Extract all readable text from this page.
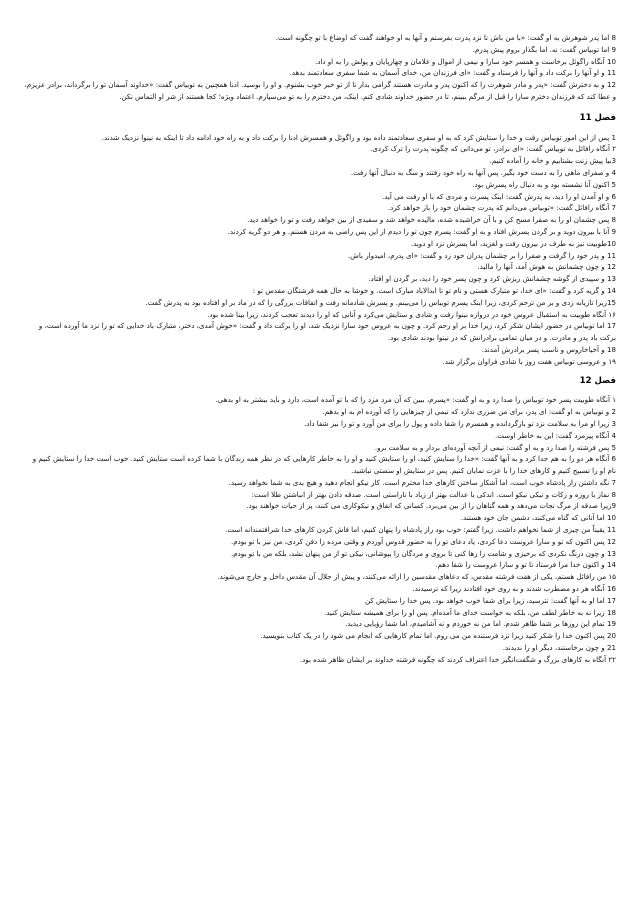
8 اما پدر شوهرش به او گفت: «با من باش تا نزد پدرت بفرستم و آنها به او خواهند گفت که اوضاع با تو چگونه است.

9 اما توبیاس گفت: نه. اما بگذار بروم پیش پدرم.

10 آنگاه راگوئل برخاست و همسر خود سارا و نیمی از اموال و غلامان و چهارپایان و پولش را به او داد.

11 و او آنها را برکت داد و آنها را فرستاد و گفت: «ای فرزندان من، خدای آسمان به شما سفری سعادتمند بدهد.

12 و به دخترش گفت: «پدر و مادر شوهرت را که اکنون پدر و مادرت هستند گرامی بدار تا از تو خبر خوب بشنوم. و او را بوسید. ادنا همچنین به توبیاس گفت: «خداوند آسمان تو را برگرداند، برادر عزیزم، و عطا کند که فرزندان دخترم سارا را قبل از مرگم ببینم، تا در حضور خداوند شادی کنم. اینک، من دخترم را به تو می‌سپارم. اعتماد ویژه؛ کجا هستند از شر او التماس نکن.

فصل 11

1 پس از این امور توبیاس رفت و خدا را ستایش کرد که به او سفری سعادتمند داده بود و راگوئل و همسرش ادنا را برکت داد و به راه خود ادامه داد تا اینکه به نینوا نزدیک شدند.

۲ آنگاه رافائل به توبیاس گفت: «ای برادر، تو می‌دانی که چگونه پدرت را ترک کردی.

3بیا پیش زنت بشتابیم و خانه را آماده کنیم.

4 و صفرای ماهی را به دست خود بگیر. پس آنها به راه خود رفتند و سگ به دنبال آنها رفت.

5 اکنون آنا نشسته بود و به دنبال راه پسرش بود.

6 و او آمدن او را دید، به پدرش گفت: اینک پسرت و مردی که با او رفت می آید.

7 آنگاه رافائل گفت: «توبیاس می‌دانم که پدرت چشمان خود را باز خواهد کرد.

8 پس چشمان او را به صفرا مسح کن و با آن خراشیده شده، مالیده خواهد شد و سفیدی از بین خواهد رفت و تو را خواهد دید.

9 آنا با بیرون دوید و بر گردن پسرش افتاد و به او گفت: پسرم چون تو را دیدم از این پس راضی به مردن هستم. و هر دو گریه کردند.

10طوبیت نیز به طرف در بیرون رفت و لغزید، اما پسرش نزد او دوید.

11 و پدر خود را گرفت و صفرا را بر چشمان پدران خود زد و گفت: «ای پدرم، امیدوار باش.

12 و چون چشمانش به هوش آمد، آنها را مالید.

13 و سپیدی از گوشه چشمانش ریزش کرد و چون پسر خود را دید، بر گردن او افتاد.

14 و گریه کرد و گفت: «ای خدا، تو متبارک هستی و نام تو تا ابدالاباد مبارک است. و خوشا به حال همه فرشتگان مقدس تو :

15زیرا تازیانه زدی و بر من ترحم کردی، زیرا اینک پسرم توبیاس را می‌بینم. و پسرش شادمانه رفت و اتفاقات بزرگی را که در ماد بر او افتاده بود به پدرش گفت.

۱۶ آنگاه طوبیت به استقبال عروس خود در دروازه نینوا رفت و شادی و ستایش می‌کرد و آنانی که او را دیدند تعجب کردند، زیرا بینا شده بود.

17 اما توبیاس در حضور ایشان شکر کرد، زیرا خدا بر او رحم کرد. و چون به عروس خود سارا نزدیک شد، او را برکت داد و گفت: «خوش آمدی، دختر، متبارک باد خدایی که تو را نزد ما آورده است، و برکت باد پدر و مادرت. و در میان تمامی برادرانش که در نینوا بودند شادی بود.

18 و آخیاخاروس و ناسب پسر برادرش آمدند.

۱۹ و عروسی توبیاس هفت روز با شادی فراوان برگزار شد.

فصل 12

۱ آنگاه طوبیت پسر خود توبیاس را صدا زد و به او گفت: «پسرم، ببین که آن مرد مزد را که با تو آمده است، دارد و باید بیشتر به او بدهی.

2 و توبیاس به او گفت: ای پدر، برای من ضرری ندارد که نیمی از چیزهایی را که آورده ام به او بدهم.

3 زیرا او مرا به سلامت نزد تو بازگردانده و همسرم را شفا داده و پول را برای من آورد و تو را نیز شفا داد.

4 آنگاه پیرمرد گفت: این به خاطر اوست.

5 پس فرشته را صدا زد و به او گفت: نیمی از آنچه آورده‌ای بردار و به سلامت برو.

6 آنگاه هر دو را به هم جدا کرد و به آنها گفت: «خدا را ستایش کنید، او را ستایش کنید و او را به خاطر کارهایی که در نظر همه زندگان با شما کرده است ستایش کنید. خوب است خدا را ستایش کنیم و نام او را تسبیح کنیم و کارهای خدا را با عزت نمایان کنیم. پس در ستایش او سستی نباشید.

7 نگه داشتن راز پادشاه خوب است، اما آشکار ساختن کارهای خدا محترم است. کار نیکو انجام دهید و هیچ بدی به شما نخواهد رسید.

8 نماز با روزه و زکات و نیکی نیکو است. اندکی با عدالت بهتر از زیاد با ناراستی است. صدقه دادن بهتر از انباشتن طلا است:

9زیرا صدقه از مرگ نجات می‌دهد و همه گناهان را از بین می‌برد. کسانی که انفاق و نیکوکاری می کنند، پر از حیات خواهند بود.

10 اما آنانی که گناه می‌کنند، دشمن جان خود هستند.

11 یقیناً من چیزی از شما نخواهم داشت. زیرا گفتم: خوب بود راز پادشاه را پنهان کنیم، اما فاش کردن کارهای خدا شرافتمندانه است.

12 پس اکنون که تو و سارا عروست دعا کردی، یاد دعای تو را به حضور قدوس آوردم و وقتی مرده را دفن کردی، من نیز با تو بودم.

13 و چون درنگ نکردی که برخیزی و شامت را رها کنی تا بروی و مردگان را بپوشانی، نیکی تو از من پنهان نشد، بلکه من با تو بودم.

14 و اکنون خدا مرا فرستاد تا تو و سارا عروست را شفا دهم.

۱۵ من رافائل هستم، یکی از هفت فرشته مقدس، که دعاهای مقدسین را ارائه می‌کنند، و پیش از جلال آن مقدس داخل و خارج می‌شوند.

16 آنگاه هر دو مضطرب شدند و به روی خود افتادند زیرا که ترسیدند.

17 اما او به آنها گفت: نترسید، زیرا برای شما خوب خواهد بود. پس خدا را ستایش کن

18 زیرا نه به خاطر لطف من، بلکه به خواست خدای ما آمده‌ام. پس او را برای همیشه ستایش کنید.

19 تمام این روزها بر شما ظاهر شدم. اما من نه خوردم و نه آشامیدم، اما شما رؤیایی دیدید.

20 پس اکنون خدا را شکر کنید زیرا نزد فرستنده من می روم. اما تمام کارهایی که انجام می شود را در یک کتاب بنویسید.

21 و چون برخاستند، دیگر او را ندیدند.

۲۲ آنگاه به کارهای بزرگ و شگفت‌انگیز خدا اعتراف کردند که چگونه فرشته خداوند بر ایشان ظاهر شده بود.
